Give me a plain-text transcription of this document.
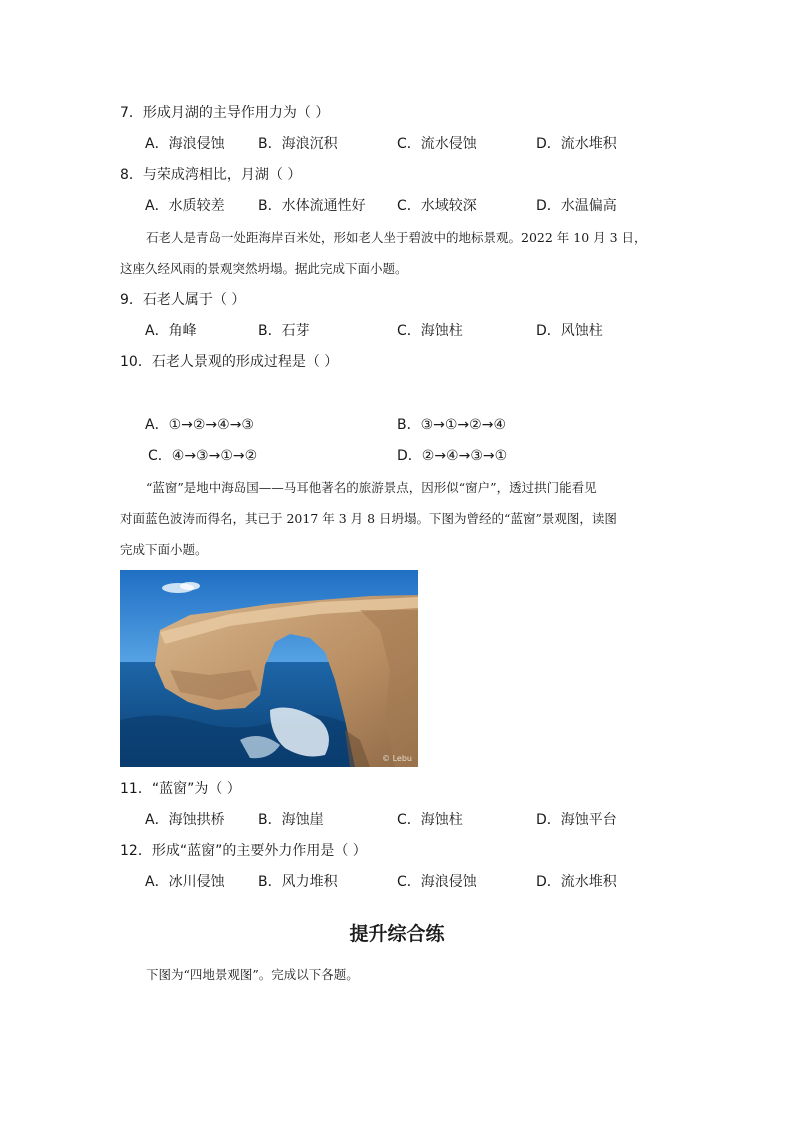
7．形成月湖的主导作用力为（ ）
A．海浪侵蚀 B．海浪沉积	C．流水侵蚀	D．流水堆积
8．与荣成湾相比，月湖（ ）
A．水质较差 B．水体流通性好 C．水域较深	D．水温偏高
石老人是青岛一处距海岸百米处，形如老人坐于碧波中的地标景观。2022 年 10 月 3 日，
这座久经风雨的景观突然坍塌。据此完成下面小题。
9．石老人属于（ ）
A．角峰	B．石芽	C．海蚀柱	D．风蚀柱
10．石老人景观的形成过程是（ ）
A．①→②→④→③	B．③→①→②→④
C．④→③→①→②	D．②→④→③→①
“蓝窗”是地中海岛国——马耳他著名的旅游景点，因形似“窗户”，透过拱门能看见
对面蓝色波涛而得名，其已于 2017 年 3 月 8 日坍塌。下图为曾经的“蓝窗”景观图，读图
完成下面小题。
© Lebu
11．“蓝窗”为（ ）
A．海蚀拱桥 B．海蚀崖	C．海蚀柱	D．海蚀平台
12．形成“蓝窗”的主要外力作用是（ ）
A．冰川侵蚀 B．风力堆积	C．海浪侵蚀	D．流水堆积
提升综合练
下图为“四地景观图”。完成以下各题。
